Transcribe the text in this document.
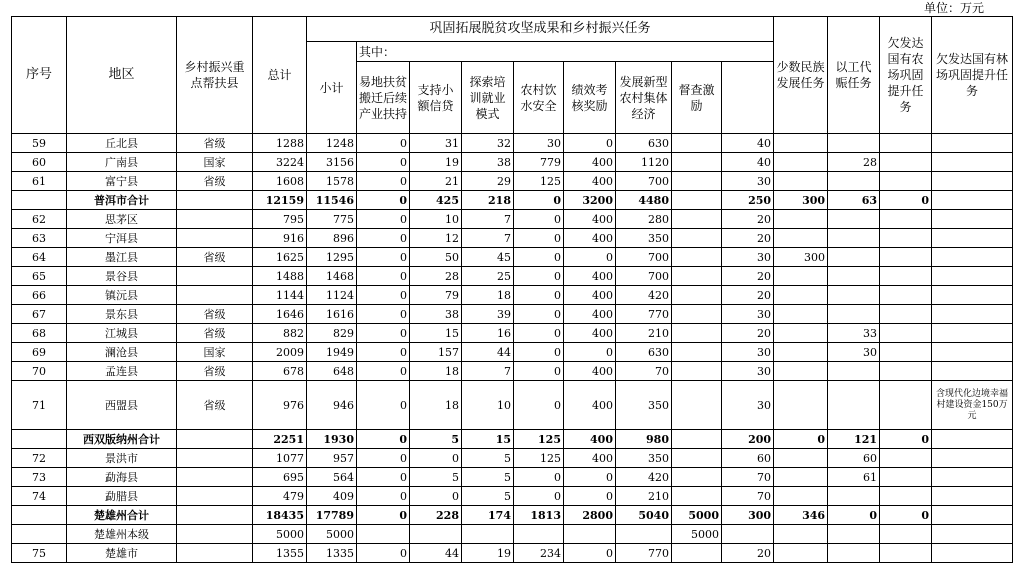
单位：万元
序号	地区	乡村振兴重点帮扶县	总计	巩固拓展脱贫攻坚成果和乡村振兴任务									少数民族发展任务	以工代赈任务	欠发达国有农场巩固提升任务	欠发达国有林场巩固提升任务	
				小计	其中：												
					易地扶贫搬迁后续产业扶持	支持小额信贷	探索培训就业模式	农村饮水安全	绩效考核奖励	发展新型农村集体经济	督查激励						
59	丘北县	省级	1288	1248	0	31	32	30	0	630		40					
60	广南县	国家	3224	3156	0	19	38	779	400	1120		40		28			
61	富宁县	省级	1608	1578	0	21	29	125	400	700		30					
	普洱市合计		12159	11546	0	425	218	0	3200	4480		250	300	63	0		
62	思茅区		795	775	0	10	7	0	400	280		20					
63	宁洱县		916	896	0	12	7	0	400	350		20					
64	墨江县	省级	1625	1295	0	50	45	0	0	700		30	300				
65	景谷县		1488	1468	0	28	25	0	400	700		20					
66	镇沅县		1144	1124	0	79	18	0	400	420		20					
67	景东县	省级	1646	1616	0	38	39	0	400	770		30					
68	江城县	省级	882	829	0	15	16	0	400	210		20		33			
69	澜沧县	国家	2009	1949	0	157	44	0	0	630		30		30			
70	孟连县	省级	678	648	0	18	7	0	400	70		30					
71	西盟县	省级	976	946	0	18	10	0	400	350		30				含现代化边境幸福村建设资金150万元	
	西双版纳州合计		2251	1930	0	5	15	125	400	980		200	0	121	0		
72	景洪市		1077	957	0	0	5	125	400	350		60		60			
73	勐海县		695	564	0	5	5	0	0	420		70		61			
74	勐腊县		479	409	0	0	5	0	0	210		70					
	楚雄州合计		18435	17789	0	228	174	1813	2800	5040	5000	300	346	0	0		
	楚雄州本级		5000	5000							5000						
75	楚雄市		1355	1335	0	44	19	234	0	770		20					
